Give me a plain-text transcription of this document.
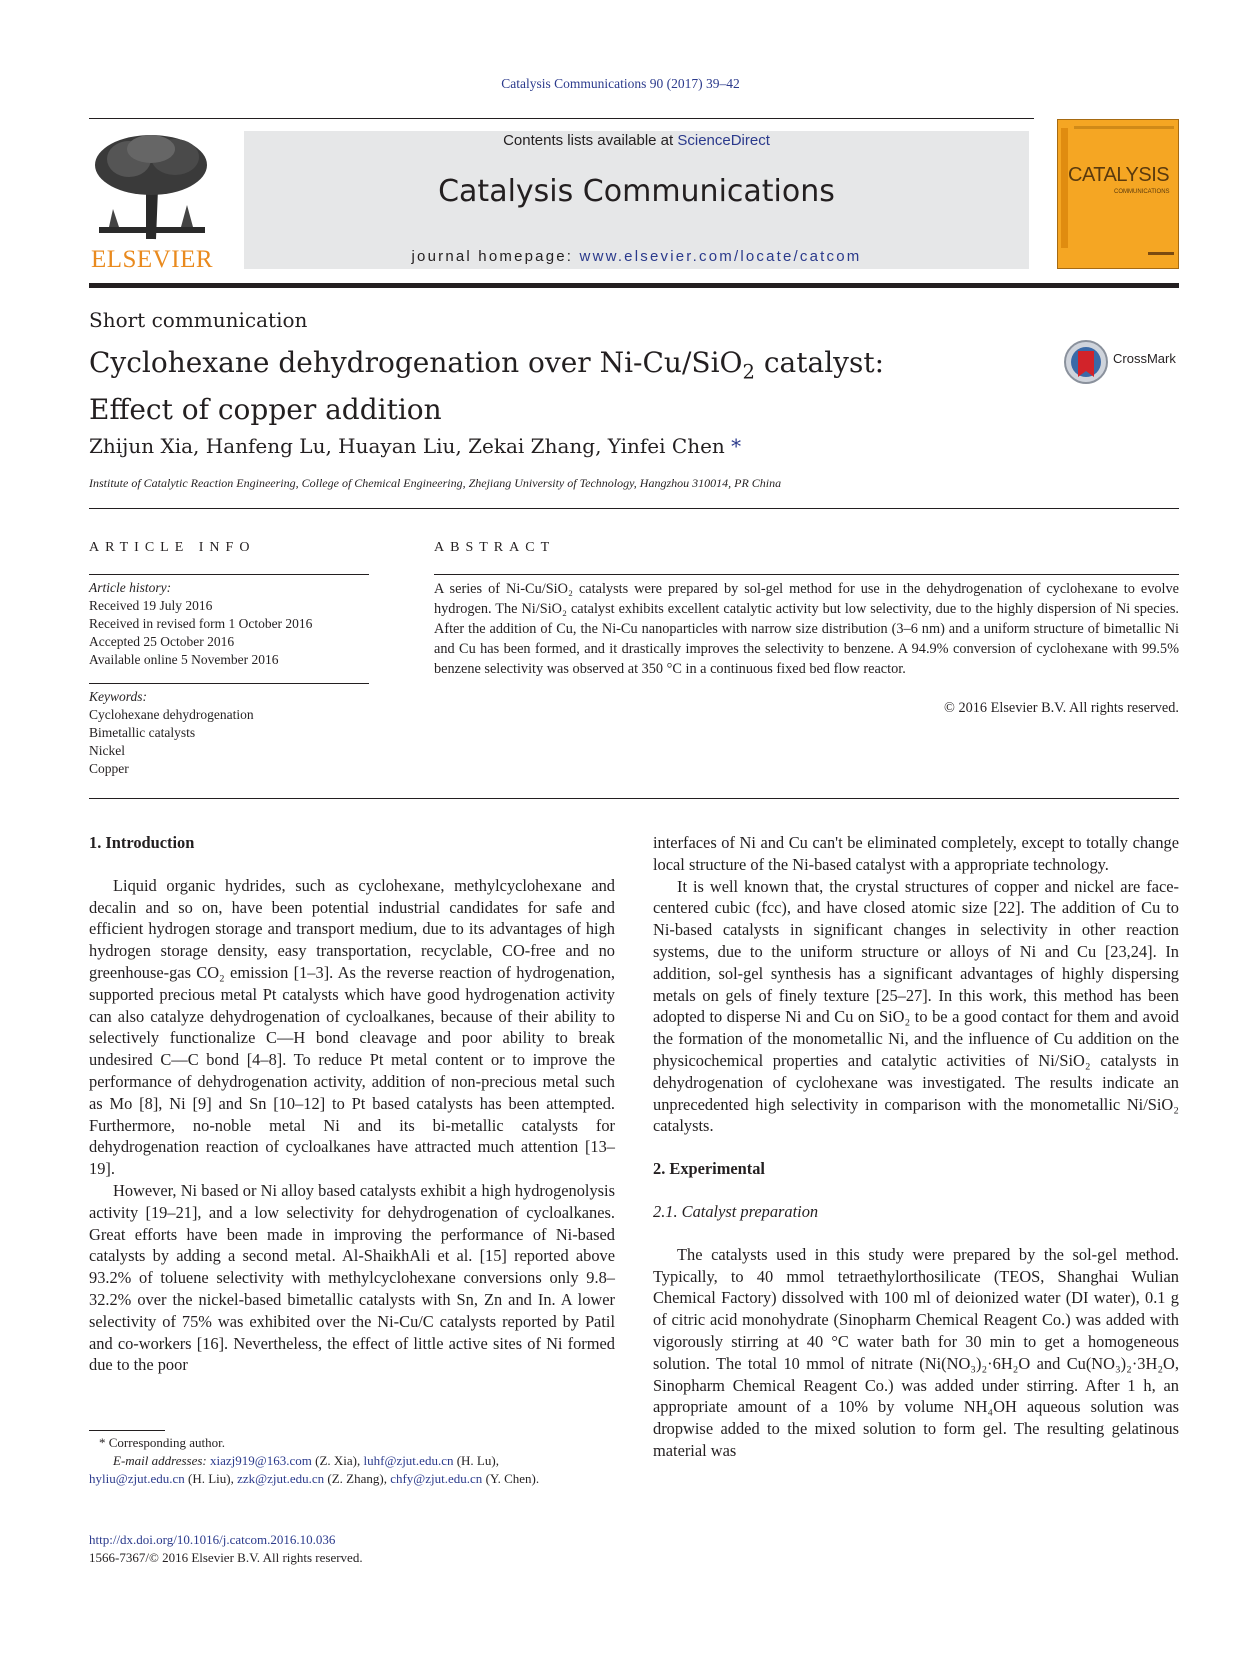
Catalysis Communications 90 (2017) 39–42
ELSEVIER
Contents lists available at ScienceDirect
Catalysis Communications
journal homepage: www.elsevier.com/locate/catcom
CATALYSIS
COMMUNICATIONS
Short communication
Cyclohexane dehydrogenation over Ni-Cu/SiO$_2$ catalyst: Effect of copper addition
CrossMark
Zhijun Xia, Hanfeng Lu, Huayan Liu, Zekai Zhang, Yinfei Chen *
Institute of Catalytic Reaction Engineering, College of Chemical Engineering, Zhejiang University of Technology, Hangzhou 310014, PR China
ARTICLE INFO
Article history:
Received 19 July 2016
Received in revised form 1 October 2016
Accepted 25 October 2016
Available online 5 November 2016
Keywords:
Cyclohexane dehydrogenation
Bimetallic catalysts
Nickel
Copper
ABSTRACT
A series of Ni-Cu/SiO₂ catalysts were prepared by sol-gel method for use in the dehydrogenation of cyclohexane to evolve hydrogen. The Ni/SiO₂ catalyst exhibits excellent catalytic activity but low selectivity, due to the highly dispersion of Ni species. After the addition of Cu, the Ni-Cu nanoparticles with narrow size distribution (3–6 nm) and a uniform structure of bimetallic Ni and Cu has been formed, and it drastically improves the selectivity to benzene. A 94.9% conversion of cyclohexane with 99.5% benzene selectivity was observed at 350 °C in a continuous fixed bed flow reactor.
© 2016 Elsevier B.V. All rights reserved.
1. Introduction

Liquid organic hydrides, such as cyclohexane, methylcyclohexane and decalin and so on, have been potential industrial candidates for safe and efficient hydrogen storage and transport medium, due to its advantages of high hydrogen storage density, easy transportation, recyclable, CO-free and no greenhouse-gas CO₂ emission [1–3]. As the reverse reaction of hydrogenation, supported precious metal Pt catalysts which have good hydrogenation activity can also catalyze dehydrogenation of cycloalkanes, because of their ability to selectively functionalize C—H bond cleavage and poor ability to break undesired C—C bond [4–8]. To reduce Pt metal content or to improve the performance of dehydrogenation activity, addition of non-precious metal such as Mo [8], Ni [9] and Sn [10–12] to Pt based catalysts has been attempted. Furthermore, no-noble metal Ni and its bi-metallic catalysts for dehydrogenation reaction of cycloalkanes have attracted much attention [13–19].

However, Ni based or Ni alloy based catalysts exhibit a high hydrogenolysis activity [19–21], and a low selectivity for dehydrogenation of cycloalkanes. Great efforts have been made in improving the performance of Ni-based catalysts by adding a second metal. Al-ShaikhAli et al. [15] reported above 93.2% of toluene selectivity with methylcyclohexane conversions only 9.8–32.2% over the nickel-based bimetallic catalysts with Sn, Zn and In. A lower selectivity of 75% was exhibited over the Ni-Cu/C catalysts reported by Patil and co-workers [16]. Nevertheless, the effect of little active sites of Ni formed due to the poor

interfaces of Ni and Cu can't be eliminated completely, except to totally change local structure of the Ni-based catalyst with a appropriate technology.

It is well known that, the crystal structures of copper and nickel are face-centered cubic (fcc), and have closed atomic size [22]. The addition of Cu to Ni-based catalysts in significant changes in selectivity in other reaction systems, due to the uniform structure or alloys of Ni and Cu [23,24]. In addition, sol-gel synthesis has a significant advantages of highly dispersing metals on gels of finely texture [25–27]. In this work, this method has been adopted to disperse Ni and Cu on SiO₂ to be a good contact for them and avoid the formation of the monometallic Ni, and the influence of Cu addition on the physicochemical properties and catalytic activities of Ni/SiO₂ catalysts in dehydrogenation of cyclohexane was investigated. The results indicate an unprecedented high selectivity in comparison with the monometallic Ni/SiO₂ catalysts.

2. Experimental
2.1. Catalyst preparation

The catalysts used in this study were prepared by the sol-gel method. Typically, to 40 mmol tetraethylorthosilicate (TEOS, Shanghai Wulian Chemical Factory) dissolved with 100 ml of deionized water (DI water), 0.1 g of citric acid monohydrate (Sinopharm Chemical Reagent Co.) was added with vigorously stirring at 40 °C water bath for 30 min to get a homogeneous solution. The total 10 mmol of nitrate (Ni(NO₃)₂·6H₂O and Cu(NO₃)₂·3H₂O, Sinopharm Chemical Reagent Co.) was added under stirring. After 1 h, an appropriate amount of a 10% by volume NH₄OH aqueous solution was dropwise added to the mixed solution to form gel. The resulting gelatinous material was

* Corresponding author.
E-mail addresses: xiazj919@163.com (Z. Xia), luhf@zjut.edu.cn (H. Lu),
hyliu@zjut.edu.cn (H. Liu), zzk@zjut.edu.cn (Z. Zhang), chfy@zjut.edu.cn (Y. Chen).
http://dx.doi.org/10.1016/j.catcom.2016.10.036
1566-7367/© 2016 Elsevier B.V. All rights reserved.
